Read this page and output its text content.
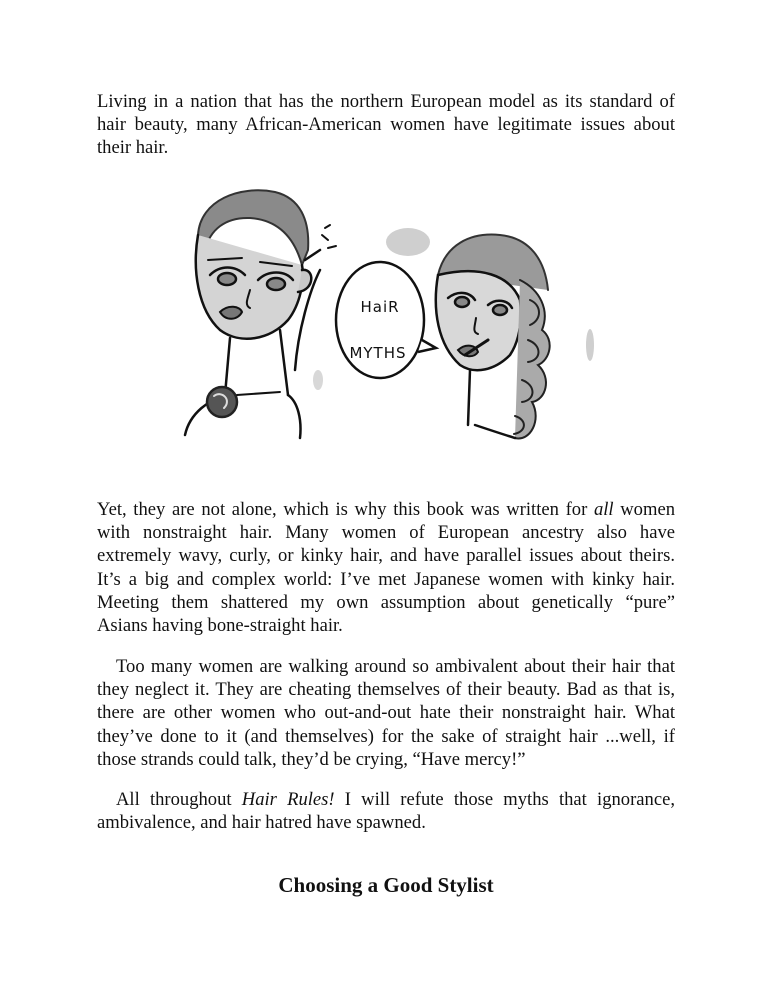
Living in a nation that has the northern European model as its standard of
hair beauty, many African-American women have legitimate issues about
their hair.

HaiR
MYTHS

Yet, they are not alone, which is why this book was written for all women
with nonstraight hair. Many women of European ancestry also have
extremely wavy, curly, or kinky hair, and have parallel issues about theirs.
It’s a big and complex world: I’ve met Japanese women with kinky hair.
Meeting them shattered my own assumption about genetically “pure”
Asians having bone-straight hair.

Too many women are walking around so ambivalent about their hair that
they neglect it. They are cheating themselves of their beauty. Bad as that is,
there are other women who out-and-out hate their nonstraight hair. What
they’ve done to it (and themselves) for the sake of straight hair ...well, if
those strands could talk, they’d be crying, “Have mercy!”

All throughout Hair Rules! I will refute those myths that ignorance,
ambivalence, and hair hatred have spawned.

Choosing a Good Stylist
